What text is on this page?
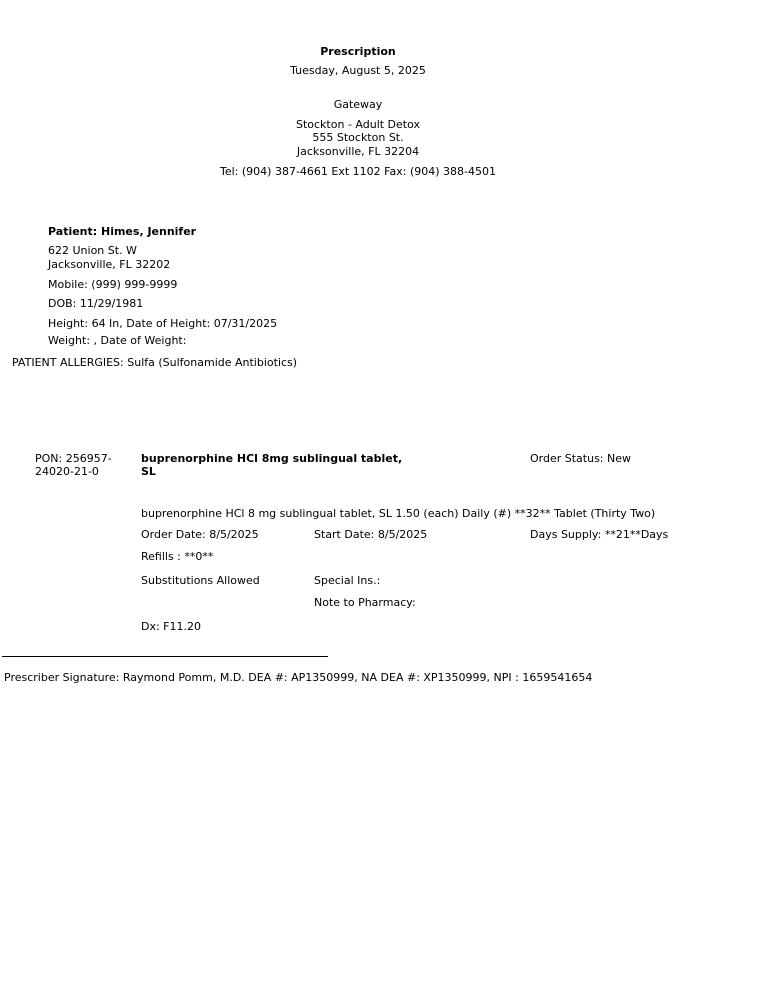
Prescription
Tuesday, August 5, 2025
Gateway
Stockton - Adult Detox
555 Stockton St.
Jacksonville, FL 32204
Tel: (904) 387-4661 Ext 1102 Fax: (904) 388-4501
Patient: Himes, Jennifer
622 Union St. W
Jacksonville, FL 32202
Mobile: (999) 999-9999
DOB: 11/29/1981
Height: 64 In, Date of Height: 07/31/2025
Weight: , Date of Weight:
PATIENT ALLERGIES: Sulfa (Sulfonamide Antibiotics)
PON: 256957-
24020-21-0
buprenorphine HCl 8mg sublingual tablet,
SL
Order Status: New
buprenorphine HCl 8 mg sublingual tablet, SL 1.50 (each) Daily (#) **32** Tablet (Thirty Two)
Order Date: 8/5/2025	Start Date: 8/5/2025	Days Supply: **21**Days
Refills : **0**
Substitutions Allowed	Special Ins.:
Note to Pharmacy:
Dx: F11.20
Prescriber Signature: Raymond Pomm, M.D. DEA #: AP1350999, NA DEA #: XP1350999, NPI : 1659541654
